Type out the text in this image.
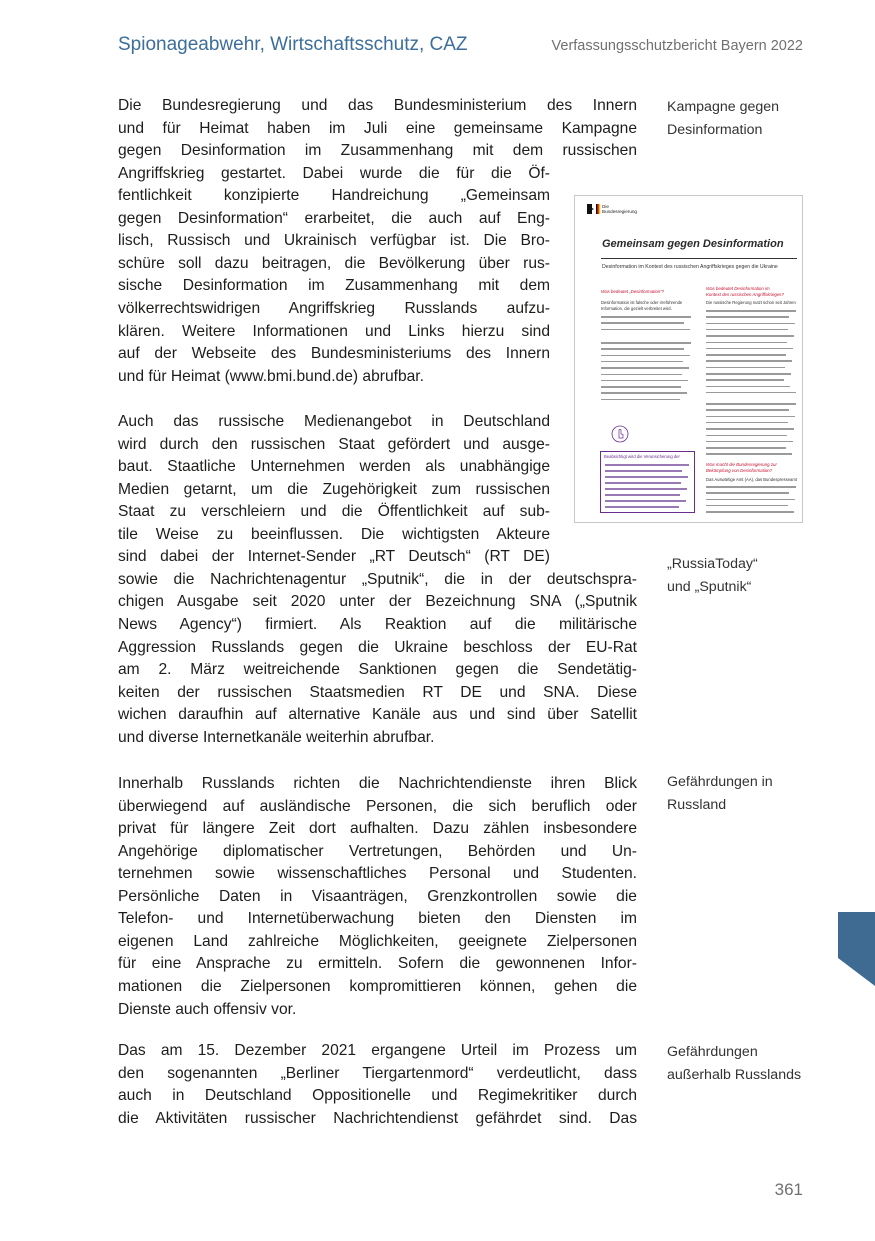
Spionageabwehr, Wirtschaftsschutz, CAZ	Verfassungsschutzbericht Bayern 2022
Die Bundesregierung und das Bundesministerium des Innern
und für Heimat haben im Juli eine gemeinsame Kampagne
gegen Desinformation im Zusammenhang mit dem russischen
Angriffskrieg gestartet. Dabei wurde die für die Öf-
fentlichkeit konzipierte Handreichung „Gemeinsam
gegen Desinformation“ erarbeitet, die auch auf Eng-
lisch, Russisch und Ukrainisch verfügbar ist. Die Bro-
schüre soll dazu beitragen, die Bevölkerung über rus-
sische Desinformation im Zusammenhang mit dem
völkerrechtswidrigen Angriffskrieg Russlands aufzu-
klären. Weitere Informationen und Links hierzu sind
auf der Webseite des Bundesministeriums des Innern
und für Heimat (www.bmi.bund.de) abrufbar.
Auch das russische Medienangebot in Deutschland
wird durch den russischen Staat gefördert und ausge-
baut. Staatliche Unternehmen werden als unabhängige
Medien getarnt, um die Zugehörigkeit zum russischen
Staat zu verschleiern und die Öffentlichkeit auf sub-
tile Weise zu beeinflussen. Die wichtigsten Akteure
sind dabei der Internet-Sender „RT Deutsch“ (RT DE)
sowie die Nachrichtenagentur „Sputnik“, die in der deutschspra-
chigen Ausgabe seit 2020 unter der Bezeichnung SNA („Sputnik
News Agency“) firmiert. Als Reaktion auf die militärische
Aggression Russlands gegen die Ukraine beschloss der EU-Rat
am 2. März weitreichende Sanktionen gegen die Sendetätig-
keiten der russischen Staatsmedien RT DE und SNA. Diese
wichen daraufhin auf alternative Kanäle aus und sind über Satellit
und diverse Internetkanäle weiterhin abrufbar.
Innerhalb Russlands richten die Nachrichtendienste ihren Blick
überwiegend auf ausländische Personen, die sich beruflich oder
privat für längere Zeit dort aufhalten. Dazu zählen insbesondere
Angehörige diplomatischer Vertretungen, Behörden und Un-
ternehmen sowie wissenschaftliches Personal und Studenten.
Persönliche Daten in Visaanträgen, Grenzkontrollen sowie die
Telefon- und Internetüberwachung bieten den Diensten im
eigenen Land zahlreiche Möglichkeiten, geeignete Zielpersonen
für eine Ansprache zu ermitteln. Sofern die gewonnenen Infor-
mationen die Zielpersonen kompromittieren können, gehen die
Dienste auch offensiv vor.
Das am 15. Dezember 2021 ergangene Urteil im Prozess um
den sogenannten „Berliner Tiergartenmord“ verdeutlicht, dass
auch in Deutschland Oppositionelle und Regimekritiker durch
die Aktivitäten russischer Nachrichtendienst gefährdet sind. Das
Kampagne gegen
Desinformation
„RussiaToday“
und „Sputnik“
Gefährdungen in
Russland
Gefährdungen
außerhalb Russlands
Die
Bundesregierung
Gemeinsam gegen Desinformation
Desinformation im Kontext des russischen Angriffskrieges gegen die Ukraine
Was bedeutet „Desinformation“?
Desinformation ist falsche oder irreführende
Information, die gezielt verbreitet wird.
Was bedeutet Desinformation im
Kontext des russischen Angriffskrieges?
Die russische Regierung nutzt schon seit Jahren
Beabsichtigt wird die Verunsicherung der
Was macht die Bundesregierung zur
Bekämpfung von Desinformation?
Das Auswärtige Amt (AA), das Bundespresseamt
361
